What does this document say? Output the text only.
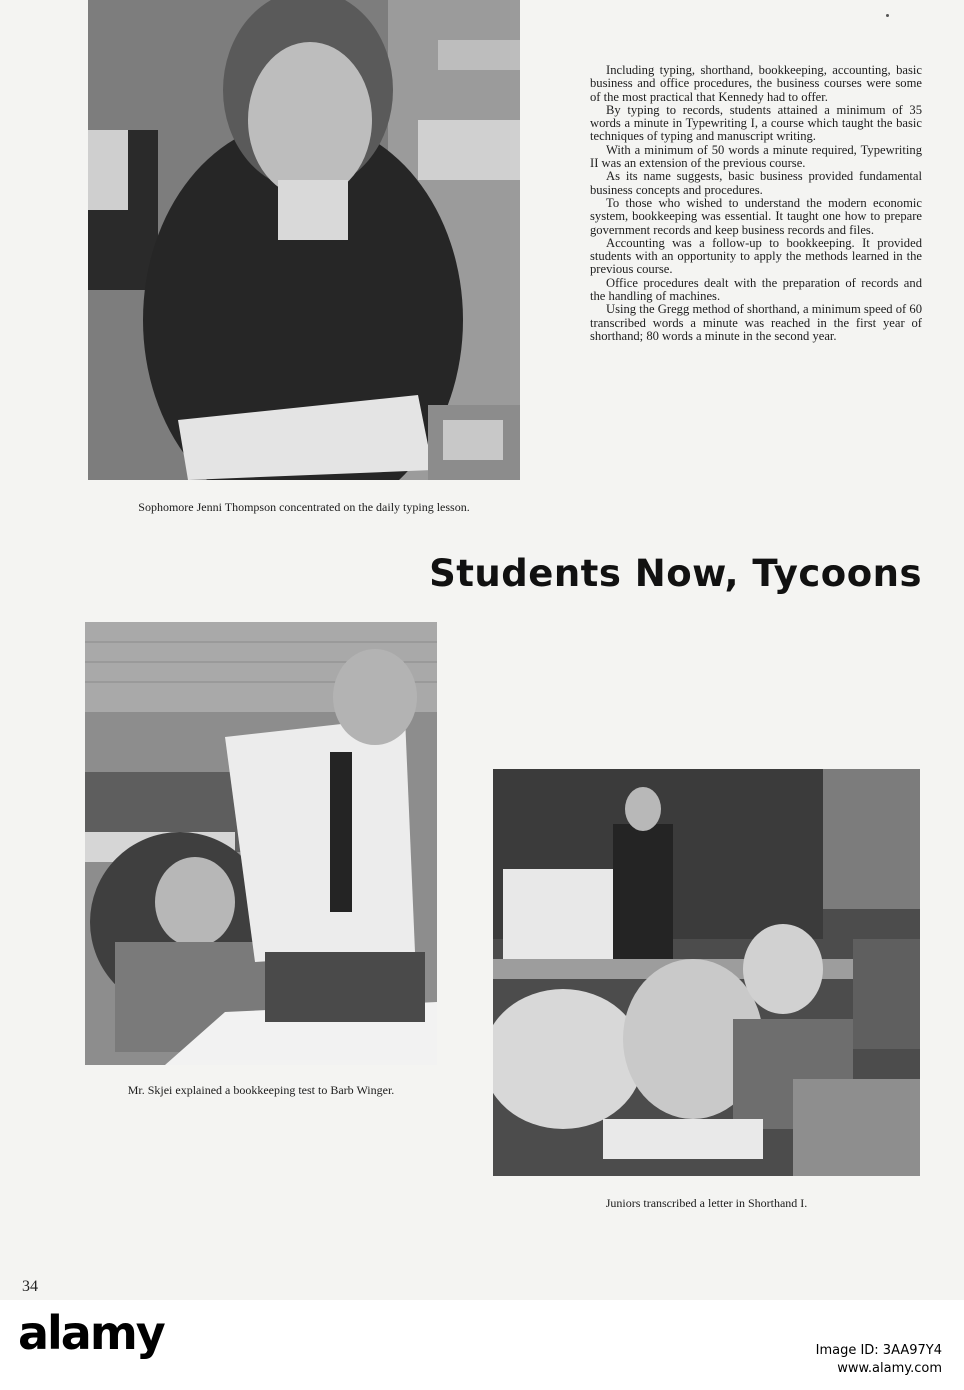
Sophomore Jenni Thompson concentrated on the daily typing lesson.

Including typing, shorthand, bookkeeping, accounting, basic business and office procedures, the business courses were some of the most practical that Kennedy had to offer.

By typing to records, students attained a minimum of 35 words a minute in Typewriting I, a course which taught the basic techniques of typing and manuscript writing.

With a minimum of 50 words a minute required, Typewriting II was an extension of the previous course.

As its name suggests, basic business provided fundamental business concepts and procedures.

To those who wished to understand the modern economic system, bookkeeping was essential. It taught one how to prepare government records and keep business records and files.

Accounting was a follow-up to bookkeeping. It provided students with an opportunity to apply the methods learned in the previous course.

Office procedures dealt with the preparation of records and the handling of machines.

Using the Gregg method of shorthand, a minimum speed of 60 transcribed words a minute was reached in the first year of shorthand; 80 words a minute in the second year.

Students Now, Tycoons
Mr. Skjei explained a bookkeeping test to Barb Winger.
Juniors transcribed a letter in Shorthand I.
34
alamy	Image ID: 3AA97Y4
www.alamy.com
